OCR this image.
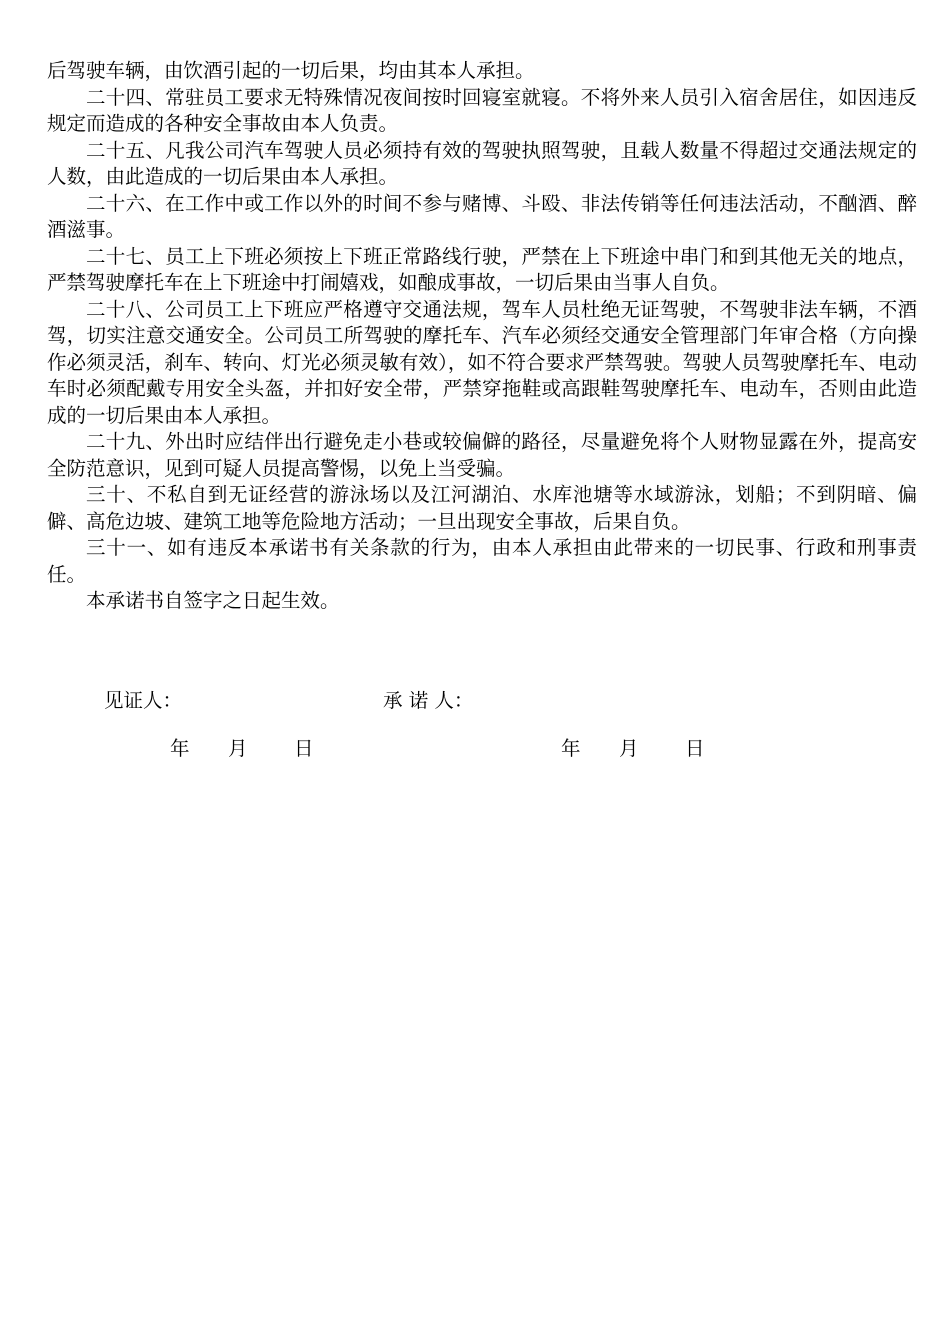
后驾驶车辆，由饮酒引起的一切后果，均由其本人承担。

二十四、常驻员工要求无特殊情况夜间按时回寝室就寝。不将外来人员引入宿舍居住，如因违反规定而造成的各种安全事故由本人负责。

二十五、凡我公司汽车驾驶人员必须持有效的驾驶执照驾驶，且载人数量不得超过交通法规定的人数，由此造成的一切后果由本人承担。

二十六、在工作中或工作以外的时间不参与赌博、斗殴、非法传销等任何违法活动，不酗酒、醉酒滋事。

二十七、员工上下班必须按上下班正常路线行驶，严禁在上下班途中串门和到其他无关的地点，严禁驾驶摩托车在上下班途中打闹嬉戏，如酿成事故，一切后果由当事人自负。

二十八、公司员工上下班应严格遵守交通法规，驾车人员杜绝无证驾驶，不驾驶非法车辆，不酒驾，切实注意交通安全。公司员工所驾驶的摩托车、汽车必须经交通安全管理部门年审合格（方向操作必须灵活，刹车、转向、灯光必须灵敏有效），如不符合要求严禁驾驶。驾驶人员驾驶摩托车、电动车时必须配戴专用安全头盔，并扣好安全带，严禁穿拖鞋或高跟鞋驾驶摩托车、电动车，否则由此造成的一切后果由本人承担。

二十九、外出时应结伴出行避免走小巷或较偏僻的路径，尽量避免将个人财物显露在外，提高安全防范意识，见到可疑人员提高警惕，以免上当受骗。

三十、不私自到无证经营的游泳场以及江河湖泊、水库池塘等水域游泳，划船；不到阴暗、偏僻、高危边坡、建筑工地等危险地方活动；一旦出现安全事故，后果自负。

三十一、如有违反本承诺书有关条款的行为，由本人承担由此带来的一切民事、行政和刑事责任。

本承诺书自签字之日起生效。

见证人：	承 诺 人：
年 月 日	年 月 日
